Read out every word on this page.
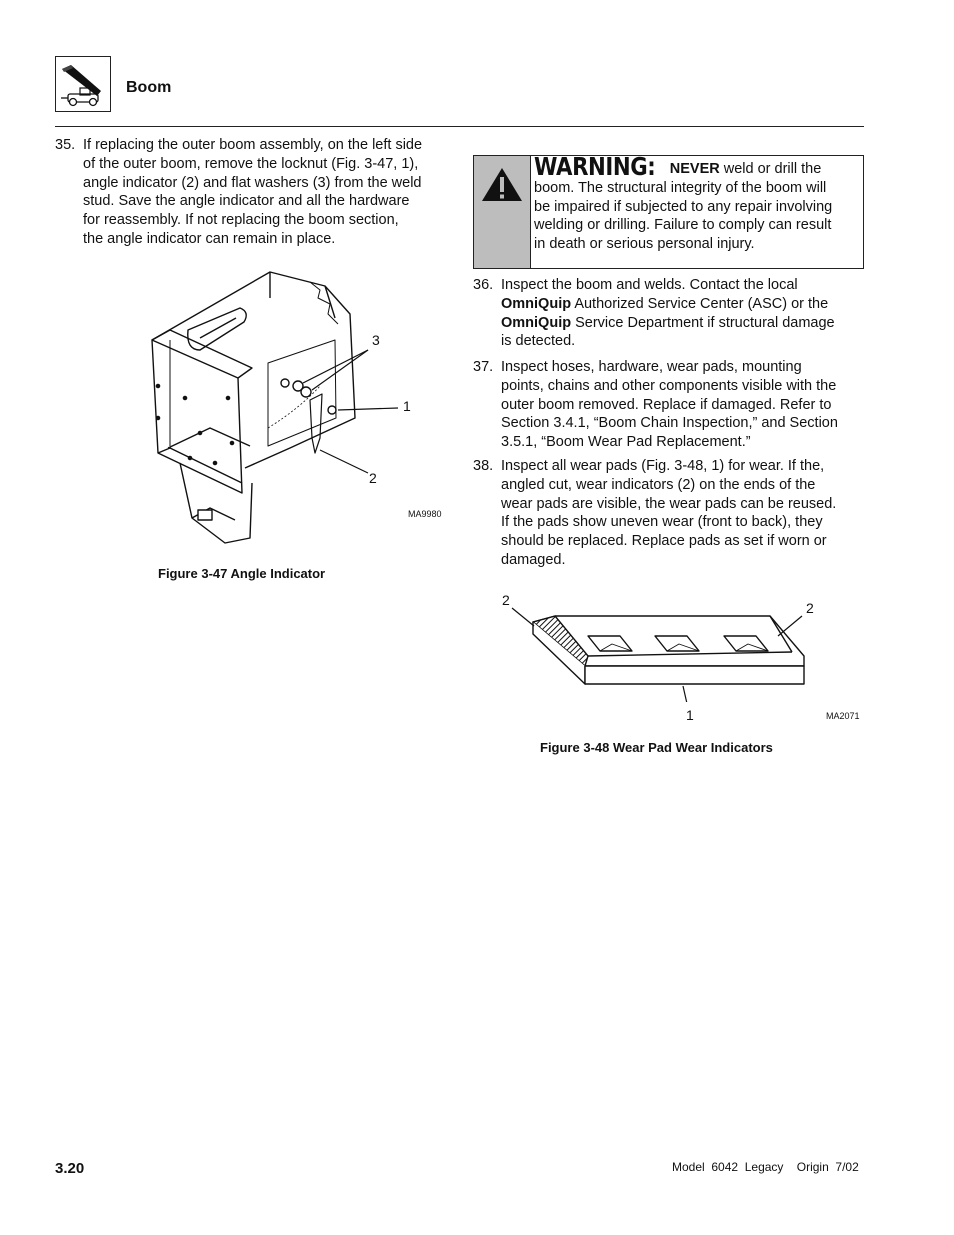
Boom
35. If replacing the outer boom assembly, on the left side
of the outer boom, remove the locknut (Fig. 3-47, 1),
angle indicator (2) and flat washers (3) from the weld
stud. Save the angle indicator and all the hardware
for reassembly. If not replacing the boom section,
the angle indicator can remain in place.
3
1
2
MA9980
Figure 3-47 Angle Indicator
WARNING: NEVER weld or drill the
boom. The structural integrity of the boom will
be impaired if subjected to any repair involving
welding or drilling. Failure to comply can result
in death or serious personal injury.
36. Inspect the boom and welds. Contact the local
OmniQuip Authorized Service Center (ASC) or the
OmniQuip Service Department if structural damage
is detected.
37. Inspect hoses, hardware, wear pads, mounting
points, chains and other components visible with the
outer boom removed. Replace if damaged. Refer to
Section 3.4.1, “Boom Chain Inspection,” and Section
3.5.1, “Boom Wear Pad Replacement.”
38. Inspect all wear pads (Fig. 3-48, 1) for wear. If the,
angled cut, wear indicators (2) on the ends of the
wear pads are visible, the wear pads can be reused.
If the pads show uneven wear (front to back), they
should be replaced. Replace pads as set if worn or
damaged.
2	2
1	MA2071
Figure 3-48 Wear Pad Wear Indicators
3.20	Model  6042  Legacy    Origin  7/02
